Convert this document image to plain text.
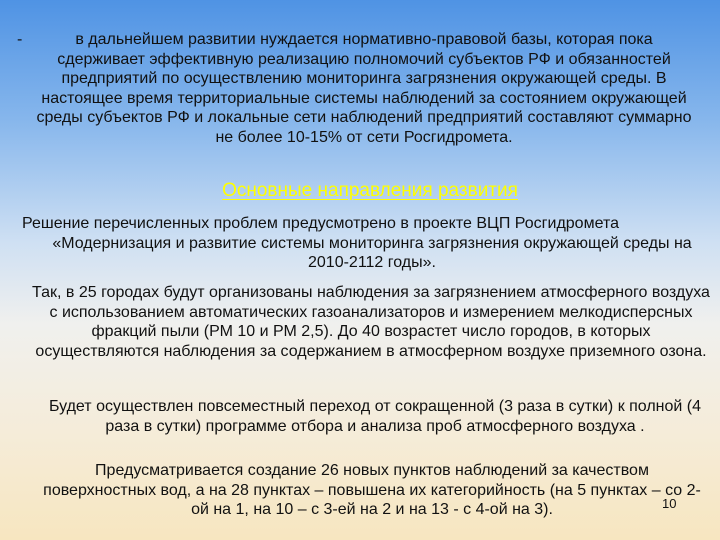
-	в дальнейшем развитии нуждается нормативно-правовой базы, которая пока сдерживает эффективную реализацию полномочий субъектов РФ и обязанностей предприятий по осуществлению мониторинга загрязнения окружающей среды. В настоящее время территориальные системы наблюдений за состоянием окружающей среды субъектов РФ и локальные сети наблюдений предприятий составляют суммарно не более 10-15% от сети Росгидромета.

Основные направления развития
Решение перечисленных проблем предусмотрено в проекте ВЦП Росгидромета
«Модернизация и развитие системы мониторинга загрязнения окружающей среды на 2010-2112 годы».

Так, в 25 городах будут организованы наблюдения за загрязнением атмосферного воздуха с использованием автоматических газоанализаторов и измерением мелкодисперсных фракций пыли (РМ 10 и РМ 2,5). До 40 возрастет число городов, в которых осуществляются наблюдения за содержанием в атмосферном воздухе приземного озона.

Будет осуществлен повсеместный переход от сокращенной (3 раза в сутки) к полной (4 раза в сутки) программе отбора и анализа проб атмосферного воздуха .

Предусматривается создание 26 новых пунктов наблюдений за качеством поверхностных вод, а на 28 пунктах – повышена их категорийность (на 5 пунктах – со 2-ой на 1, на 10 – с 3-ей на 2 и на 13 - с 4-ой на 3).	10
